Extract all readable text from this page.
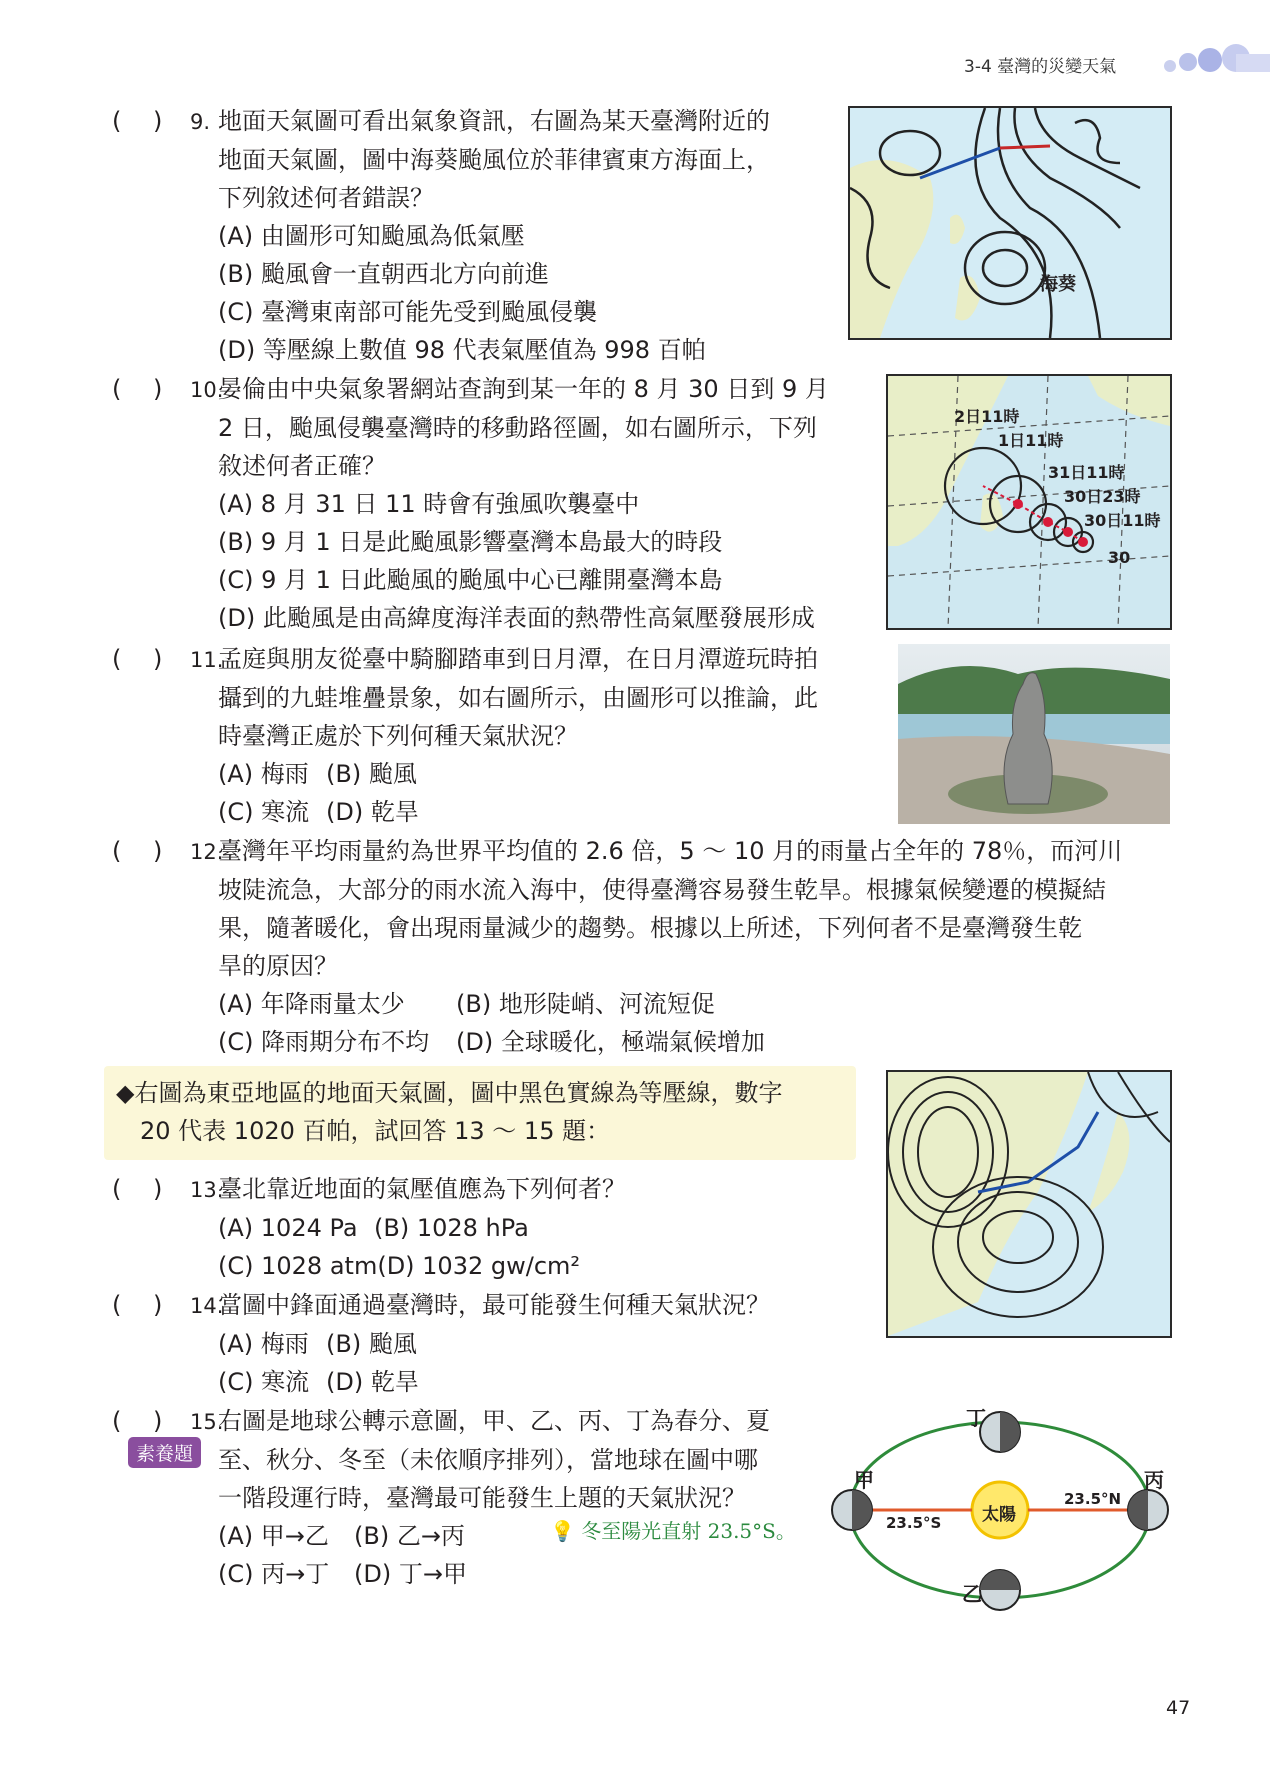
3-4 臺灣的災變天氣
(　 ) 9. 地面天氣圖可看出氣象資訊，右圖為某天臺灣附近的
地面天氣圖，圖中海葵颱風位於菲律賓東方海面上，
下列敘述何者錯誤？
(A) 由圖形可知颱風為低氣壓
(B) 颱風會一直朝西北方向前進
(C) 臺灣東南部可能先受到颱風侵襲
(D) 等壓線上數值 98 代表氣壓值為 998 百帕
海葵
(　 ) 10.晏倫由中央氣象署網站查詢到某一年的 8 月 30 日到 9 月
2 日，颱風侵襲臺灣時的移動路徑圖，如右圖所示，下列
敘述何者正確？
(A) 8 月 31 日 11 時會有強風吹襲臺中
(B) 9 月 1 日是此颱風影響臺灣本島最大的時段
(C) 9 月 1 日此颱風的颱風中心已離開臺灣本島
(D) 此颱風是由高緯度海洋表面的熱帶性高氣壓發展形成
2日11時
1日11時
31日11時
30日23時
30日11時
30
(　 ) 11.孟庭與朋友從臺中騎腳踏車到日月潭，在日月潭遊玩時拍
攝到的九蛙堆疊景象，如右圖所示，由圖形可以推論，此
時臺灣正處於下列何種天氣狀況？
(A) 梅雨 (B) 颱風
(C) 寒流 (D) 乾旱
(　 ) 12.臺灣年平均雨量約為世界平均值的 2.6 倍，5 ～ 10 月的雨量占全年的 78％，而河川
坡陡流急，大部分的雨水流入海中，使得臺灣容易發生乾旱。根據氣候變遷的模擬結
果，隨著暖化，會出現雨量減少的趨勢。根據以上所述，下列何者不是臺灣發生乾
旱的原因？
(A) 年降雨量太少 (B) 地形陡峭、河流短促
(C) 降雨期分布不均 (D) 全球暖化，極端氣候增加
◆右圖為東亞地區的地面天氣圖，圖中黑色實線為等壓線，數字
　20 代表 1020 百帕，試回答 13 ～ 15 題：
(　 ) 13.臺北靠近地面的氣壓值應為下列何者？
(A) 1024 Pa (B) 1028 hPa
(C) 1028 atm(D) 1032 gw/cm²
(　 ) 14.當圖中鋒面通過臺灣時，最可能發生何種天氣狀況？
(A) 梅雨 (B) 颱風
(C) 寒流 (D) 乾旱
(　 ) 15.右圖是地球公轉示意圖，甲、乙、丙、丁為春分、夏
至、秋分、冬至（未依順序排列），當地球在圖中哪
一階段運行時，臺灣最可能發生上題的天氣狀況？
(A) 甲→乙 (B) 乙→丙
(C) 丙→丁 (D) 丁→甲
素養題
💡 冬至陽光直射 23.5°S。
太陽
丁
甲	丙
乙
23.5°S
23.5°N
47
